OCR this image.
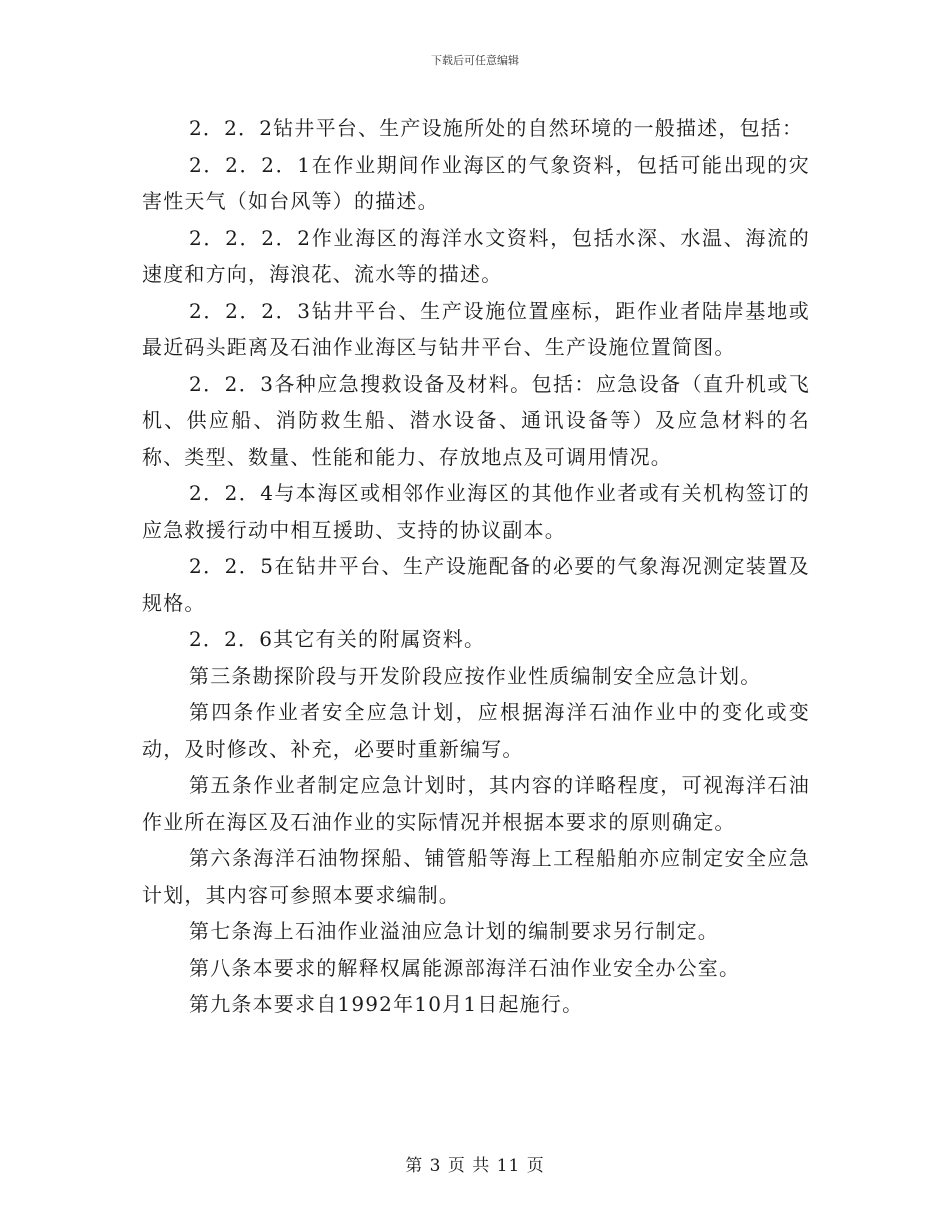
下载后可任意编辑

2．2．2钻井平台、生产设施所处的自然环境的一般描述，包括：

2．2．2．1在作业期间作业海区的气象资料，包括可能出现的灾害性天气（如台风等）的描述。

2．2．2．2作业海区的海洋水文资料，包括水深、水温、海流的速度和方向，海浪花、流水等的描述。

2．2．2．3钻井平台、生产设施位置座标，距作业者陆岸基地或最近码头距离及石油作业海区与钻井平台、生产设施位置简图。

2．2．3各种应急搜救设备及材料。包括：应急设备（直升机或飞机、供应船、消防救生船、潜水设备、通讯设备等）及应急材料的名称、类型、数量、性能和能力、存放地点及可调用情况。

2．2．4与本海区或相邻作业海区的其他作业者或有关机构签订的应急救援行动中相互援助、支持的协议副本。

2．2．5在钻井平台、生产设施配备的必要的气象海况测定装置及规格。

2．2．6其它有关的附属资料。

第三条勘探阶段与开发阶段应按作业性质编制安全应急计划。

第四条作业者安全应急计划，应根据海洋石油作业中的变化或变动，及时修改、补充，必要时重新编写。

第五条作业者制定应急计划时，其内容的详略程度，可视海洋石油作业所在海区及石油作业的实际情况并根据本要求的原则确定。

第六条海洋石油物探船、铺管船等海上工程船舶亦应制定安全应急计划，其内容可参照本要求编制。

第七条海上石油作业溢油应急计划的编制要求另行制定。

第八条本要求的解释权属能源部海洋石油作业安全办公室。

第九条本要求自1992年10月1日起施行。

第 3 页 共 11 页
